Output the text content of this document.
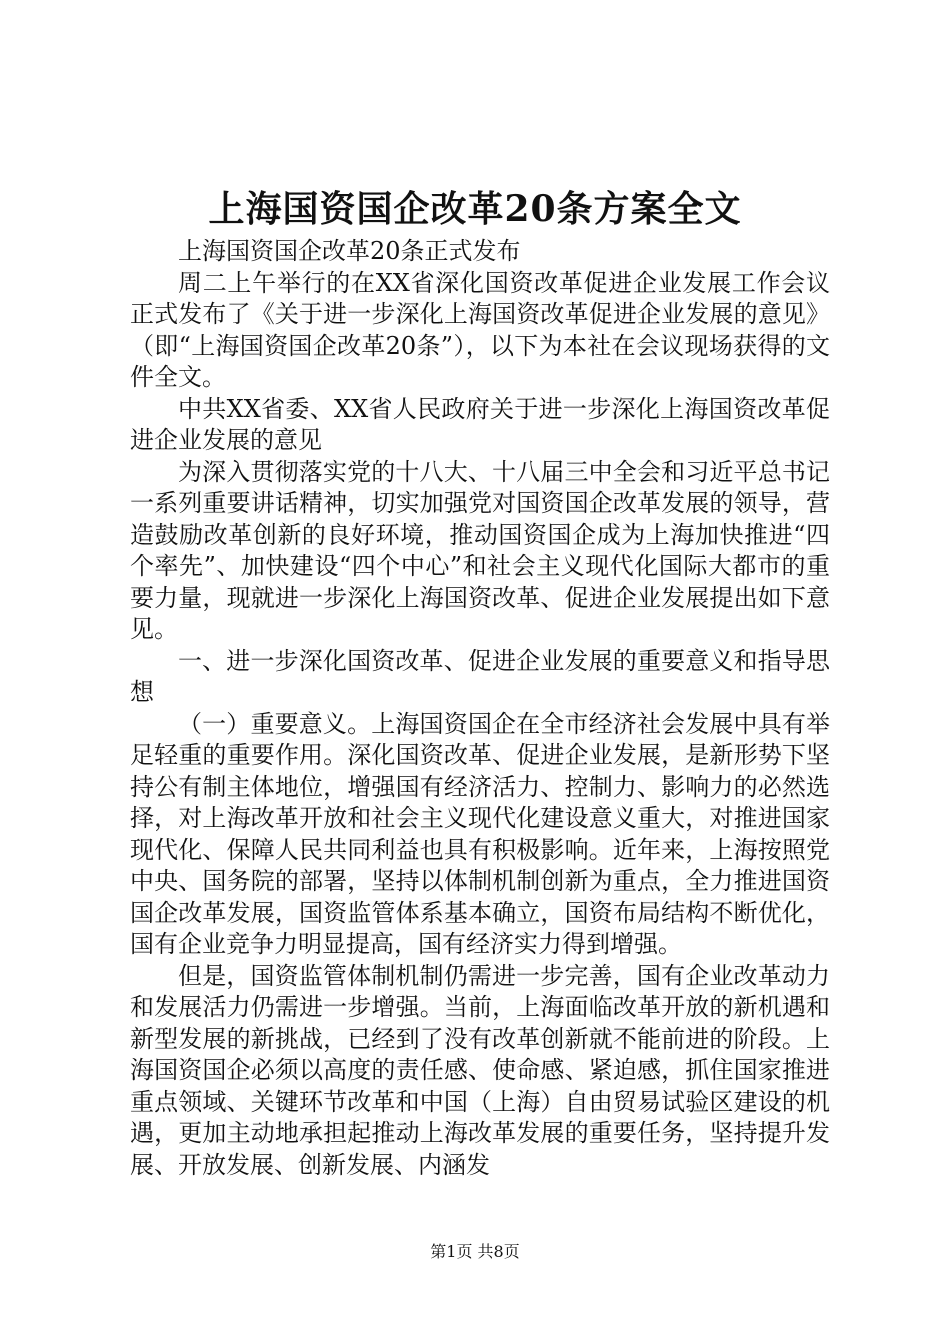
上海国资国企改革20条方案全文

上海国资国企改革20条正式发布

周二上午举行的在XX省深化国资改革促进企业发展工作会议正式发布了《关于进一步深化上海国资改革促进企业发展的意见》（即“上海国资国企改革20条”），以下为本社在会议现场获得的文件全文。

中共XX省委、XX省人民政府关于进一步深化上海国资改革促进企业发展的意见

为深入贯彻落实党的十八大、十八届三中全会和习近平总书记一系列重要讲话精神，切实加强党对国资国企改革发展的领导，营造鼓励改革创新的良好环境，推动国资国企成为上海加快推进“四个率先”、加快建设“四个中心”和社会主义现代化国际大都市的重要力量，现就进一步深化上海国资改革、促进企业发展提出如下意见。

一、进一步深化国资改革、促进企业发展的重要意义和指导思想

（一）重要意义。上海国资国企在全市经济社会发展中具有举足轻重的重要作用。深化国资改革、促进企业发展，是新形势下坚持公有制主体地位，增强国有经济活力、控制力、影响力的必然选择，对上海改革开放和社会主义现代化建设意义重大，对推进国家现代化、保障人民共同利益也具有积极影响。近年来，上海按照党中央、国务院的部署，坚持以体制机制创新为重点，全力推进国资国企改革发展，国资监管体系基本确立，国资布局结构不断优化，国有企业竞争力明显提高，国有经济实力得到增强。

但是，国资监管体制机制仍需进一步完善，国有企业改革动力和发展活力仍需进一步增强。当前，上海面临改革开放的新机遇和新型发展的新挑战，已经到了没有改革创新就不能前进的阶段。上海国资国企必须以高度的责任感、使命感、紧迫感，抓住国家推进重点领域、关键环节改革和中国（上海）自由贸易试验区建设的机遇，更加主动地承担起推动上海改革发展的重要任务，坚持提升发展、开放发展、创新发展、内涵发

第1页 共8页
